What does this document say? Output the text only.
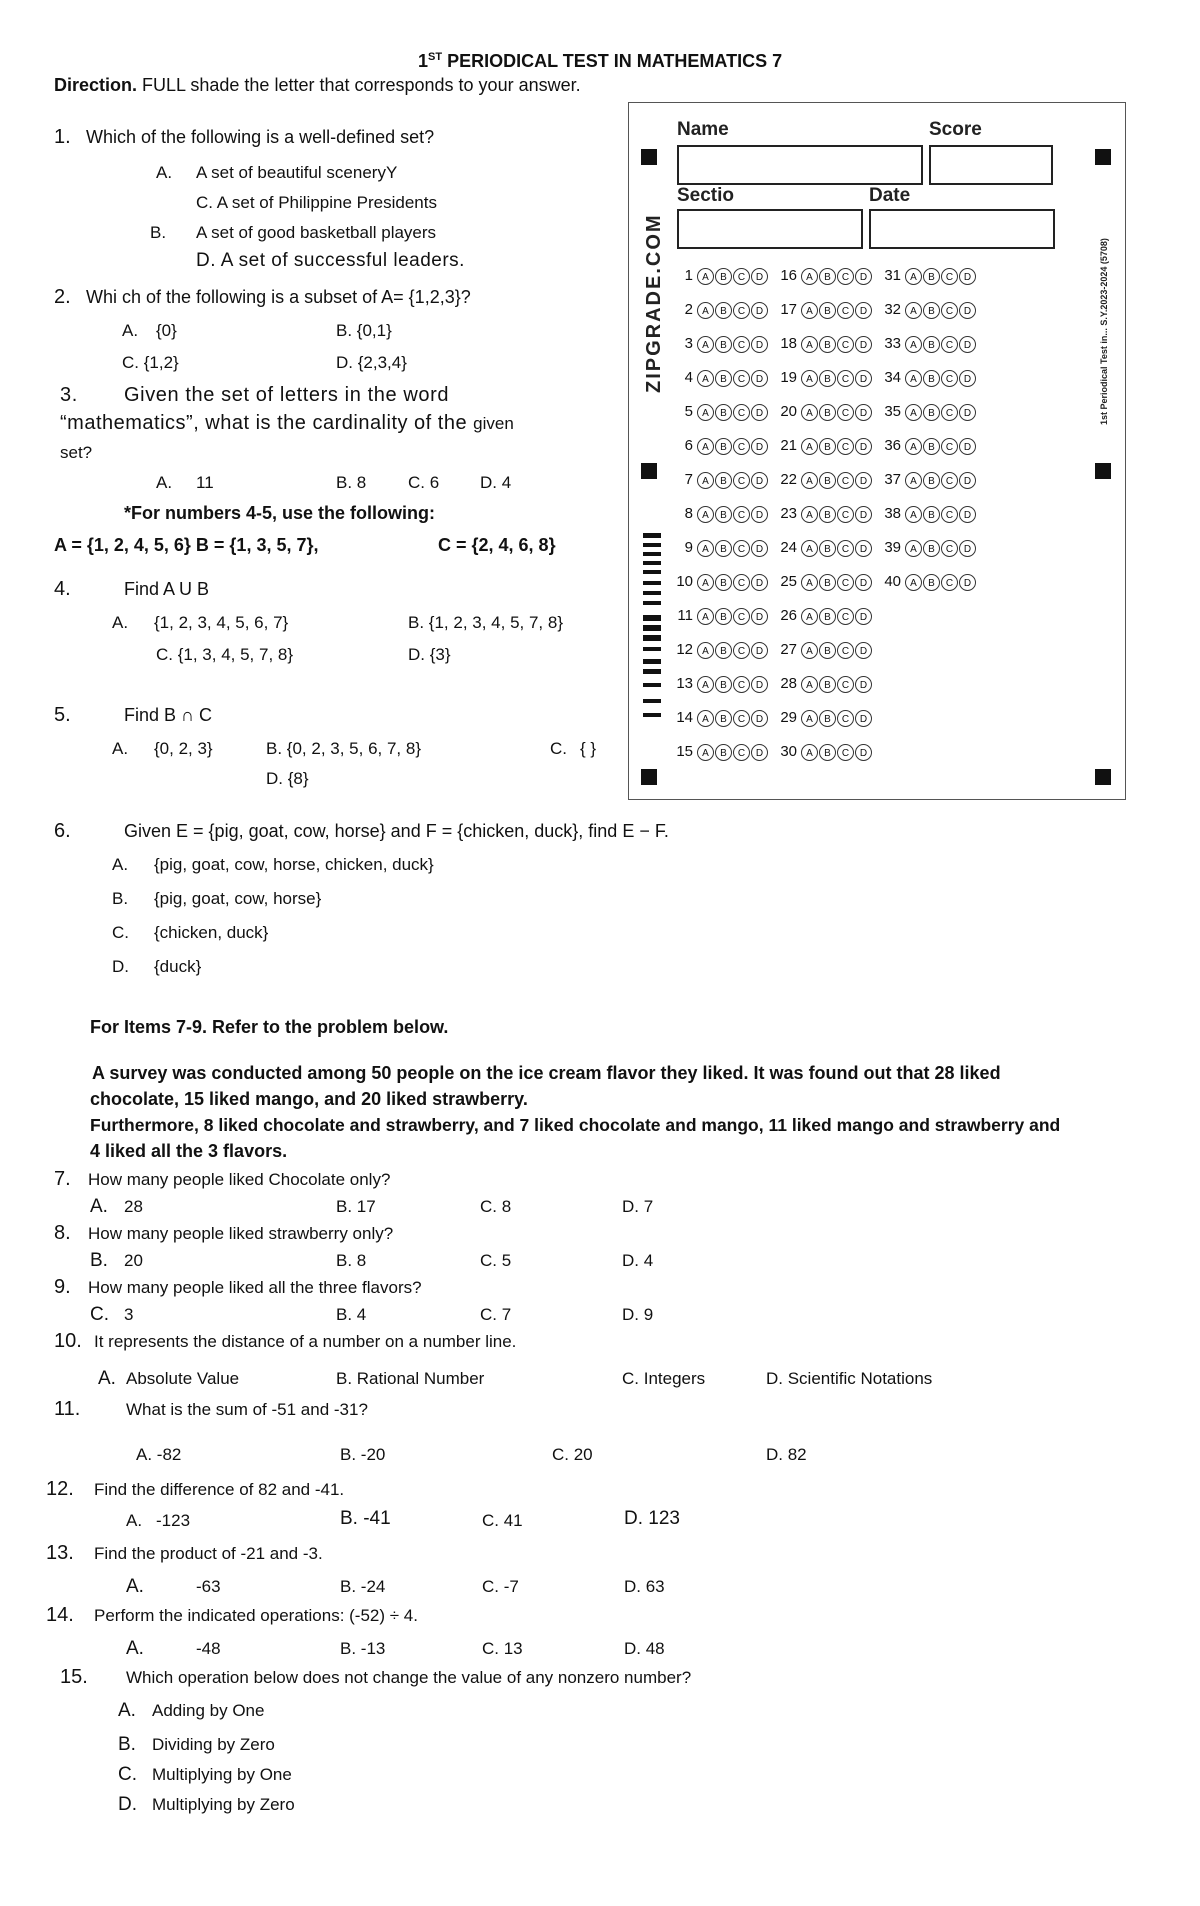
1ST PERIODICAL TEST IN MATHEMATICS 7
Direction. FULL shade the letter that corresponds to your answer.
1. Which of the following is a well-defined set?
A. A set of beautiful sceneryY
C. A set of Philippine Presidents
B. A set of good basketball players
D. A set of successful leaders.
2. Whi ch of the following is a subset of A= {1,2,3}?
A. {0}	B. {0,1}
C. {1,2}	D. {2,3,4}
3. Given the set of letters in the word
“mathematics”, what is the cardinality of the given
set?
A. 11	B. 8 C. 6 D. 4
*For numbers 4-5, use the following:
A = {1, 2, 4, 5, 6} B = {1, 3, 5, 7},	C = {2, 4, 6, 8}
4.	Find A U B
A. {1, 2, 3, 4, 5, 6, 7}	B. {1, 2, 3, 4, 5, 7, 8}
C. {1, 3, 4, 5, 7, 8}	D. {3}
5.	Find B ∩ C
A. {0, 2, 3}	B. {0, 2, 3, 5, 6, 7, 8}	C. { }
D. {8}
6.	Given E = {pig, goat, cow, horse} and F = {chicken, duck}, find E − F.
A. {pig, goat, cow, horse, chicken, duck}
B. {pig, goat, cow, horse}
C. {chicken, duck}
D. {duck}
For Items 7-9. Refer to the problem below.
A survey was conducted among 50 people on the ice cream flavor they liked. It was found out that 28 liked
chocolate, 15 liked mango, and 20 liked strawberry.
Furthermore, 8 liked chocolate and strawberry, and 7 liked chocolate and mango, 11 liked mango and strawberry and
4 liked all the 3 flavors.
7. How many people liked Chocolate only?
A. 28	B. 17	C. 8	D. 7
8. How many people liked strawberry only?
B. 20	B. 8	C. 5	D. 4
9. How many people liked all the three flavors?
C. 3	B. 4	C. 7	D. 9
10. It represents the distance of a number on a number line.
A. Absolute Value	B. Rational Number	C. Integers	D. Scientific Notations
11.	What is the sum of -51 and -31?
A. -82	B. -20	C. 20	D. 82
12. Find the difference of 82 and -41.
A. -123	B. -41	C. 41	D. 123
13. Find the product of -21 and -3.
A.	-63	B. -24	C. -7	D. 63
14. Perform the indicated operations: (-52) ÷ 4.
A.	-48	B. -13	C. 13	D. 48
15. Which operation below does not change the value of any nonzero number?
A. Adding by One
B. Dividing by Zero
C. Multiplying by One
D. Multiplying by Zero
Name	Score
Sectio	Date
ZIPGRADE.COM	1st Periodical Test in... S.Y.2023-2024 (5708)
1 A B C D 16 A B C D 31 A B C D
2 A B C D 17 A B C D 32 A B C D
3 A B C D 18 A B C D 33 A B C D
4 A B C D 19 A B C D 34 A B C D
5 A B C D 20 A B C D 35 A B C D
6 A B C D 21 A B C D 36 A B C D
7 A B C D 22 A B C D 37 A B C D
8 A B C D 23 A B C D 38 A B C D
9 A B C D 24 A B C D 39 A B C D
10 A B C D 25 A B C D 40 A B C D
11 A B C D 26 A B C D
12 A B C D 27 A B C D
13 A B C D 28 A B C D
14 A B C D 29 A B C D
15 A B C D 30 A B C D
